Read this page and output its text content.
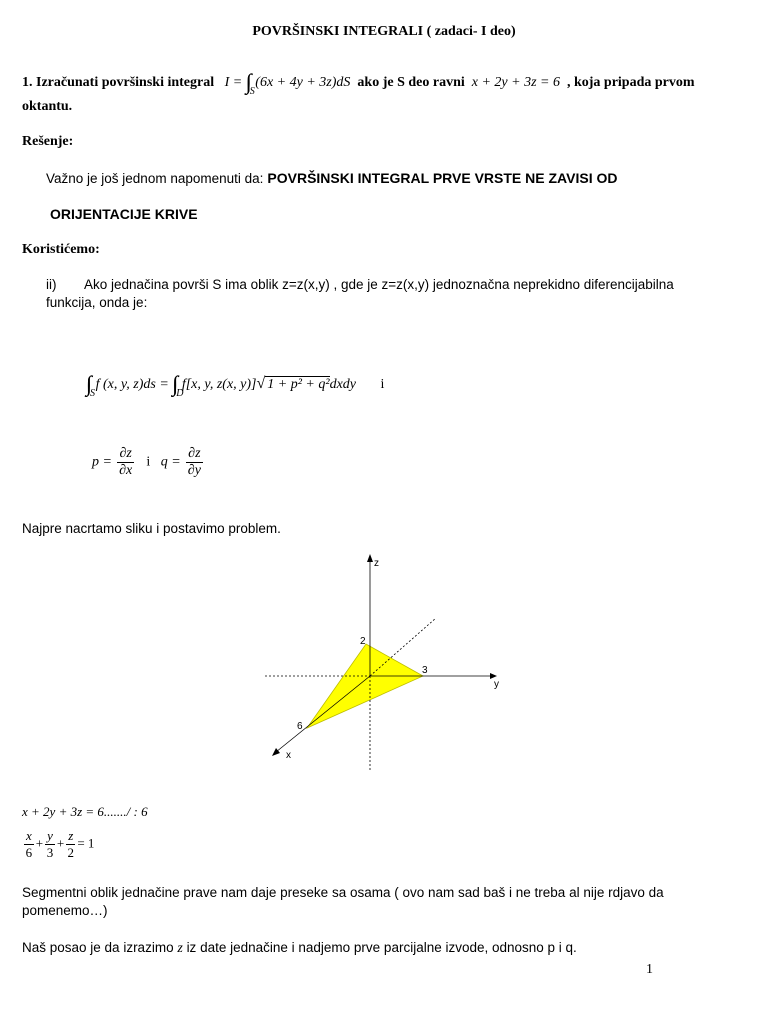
POVRŠINSKI INTEGRALI ( zadaci- I deo)
1. Izračunati površinski integral I = ∫∫ S
(6x + 4y + 3z)dS ako je S deo ravni x + 2y + 3z = 6 , koja pripada prvom
oktantu.
Rešenje:
Važno je još jednom napomenuti da: POVRŠINSKI INTEGRAL PRVE VRSTE NE ZAVISI OD
ORIJENTACIJE KRIVE
Koristićemo:
ii) Ako jednačina površi S ima oblik z=z(x,y) , gde je z=z(x,y) jednoznačna neprekidno diferencijabilna
funkcija, onda je:
∫∫ S
f (x, y, z)ds = ∫∫ D
f[x, y, z(x, y)]√ 1 + p² + q²dxdy i
$p = \frac{\partial z}{\partial x}$ i $q = \frac{\partial z}{\partial y}$
Najpre nacrtamo sliku i postavimo problem.
z
y
x
2
3
6
x + 2y + 3z = 6......./ : 6
$\frac{x}{6} + \frac{y}{3} + \frac{z}{2} = 1$
Segmentni oblik jednačine prave nam daje preseke sa osama ( ovo nam sad baš i ne treba al nije rdjavo da
pomenemo…)
Naš posao je da izrazimo z iz date jednačine i nadjemo prve parcijalne izvode, odnosno p i q.
1
